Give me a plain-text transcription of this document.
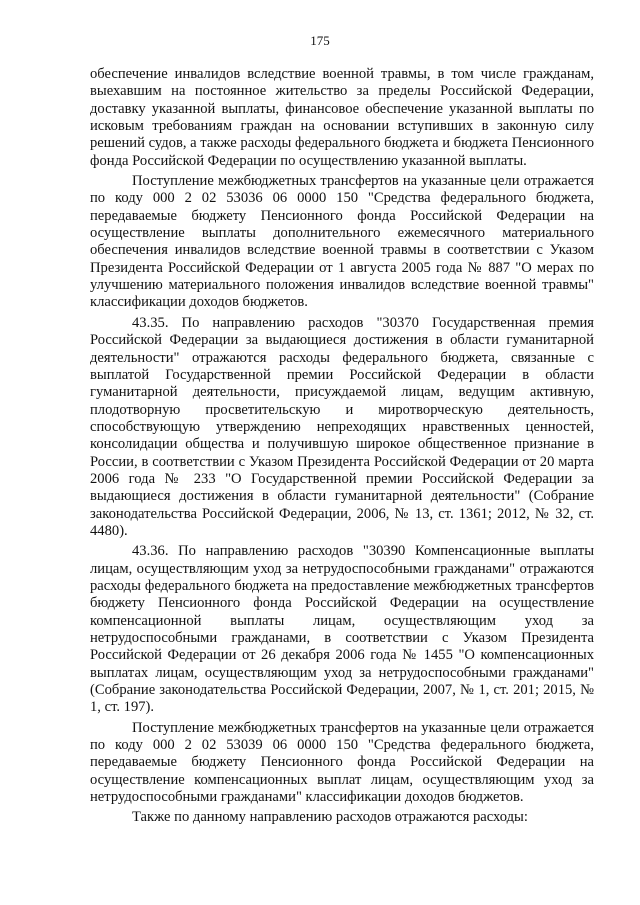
175

обеспечение инвалидов вследствие военной травмы, в том числе гражданам, выехавшим на постоянное жительство за пределы Российской Федерации, доставку указанной выплаты, финансовое обеспечение указанной выплаты по исковым требованиям граждан на основании вступивших в законную силу решений судов, а также расходы федерального бюджета и бюджета Пенсионного фонда Российской Федерации по осуществлению указанной выплаты.

Поступление межбюджетных трансфертов на указанные цели отражается по коду 000 2 02 53036 06 0000 150 "Средства федерального бюджета, передаваемые бюджету Пенсионного фонда Российской Федерации на осуществление выплаты дополнительного ежемесячного материального обеспечения инвалидов вследствие военной травмы в соответствии с Указом Президента Российской Федерации от 1 августа 2005 года № 887 "О мерах по улучшению материального положения инвалидов вследствие военной травмы" классификации доходов бюджетов.

43.35. По направлению расходов "30370 Государственная премия Российской Федерации за выдающиеся достижения в области гуманитарной деятельности" отражаются расходы федерального бюджета, связанные с выплатой Государственной премии Российской Федерации в области гуманитарной деятельности, присуждаемой лицам, ведущим активную, плодотворную просветительскую и миротворческую деятельность, способствующую утверждению непреходящих нравственных ценностей, консолидации общества и получившую широкое общественное признание в России, в соответствии с Указом Президента Российской Федерации от 20 марта 2006 года № 233 "О Государственной премии Российской Федерации за выдающиеся достижения в области гуманитарной деятельности" (Собрание законодательства Российской Федерации, 2006, № 13, ст. 1361; 2012, № 32, ст. 4480).

43.36. По направлению расходов "30390 Компенсационные выплаты лицам, осуществляющим уход за нетрудоспособными гражданами" отражаются расходы федерального бюджета на предоставление межбюджетных трансфертов бюджету Пенсионного фонда Российской Федерации на осуществление компенсационной выплаты лицам, осуществляющим уход за нетрудоспособными гражданами, в соответствии с Указом Президента Российской Федерации от 26 декабря 2006 года № 1455 "О компенсационных выплатах лицам, осуществляющим уход за нетрудоспособными гражданами" (Собрание законодательства Российской Федерации, 2007, № 1, ст. 201; 2015, № 1, ст. 197).

Поступление межбюджетных трансфертов на указанные цели отражается по коду 000 2 02 53039 06 0000 150 "Средства федерального бюджета, передаваемые бюджету Пенсионного фонда Российской Федерации на осуществление компенсационных выплат лицам, осуществляющим уход за нетрудоспособными гражданами" классификации доходов бюджетов.

Также по данному направлению расходов отражаются расходы:
